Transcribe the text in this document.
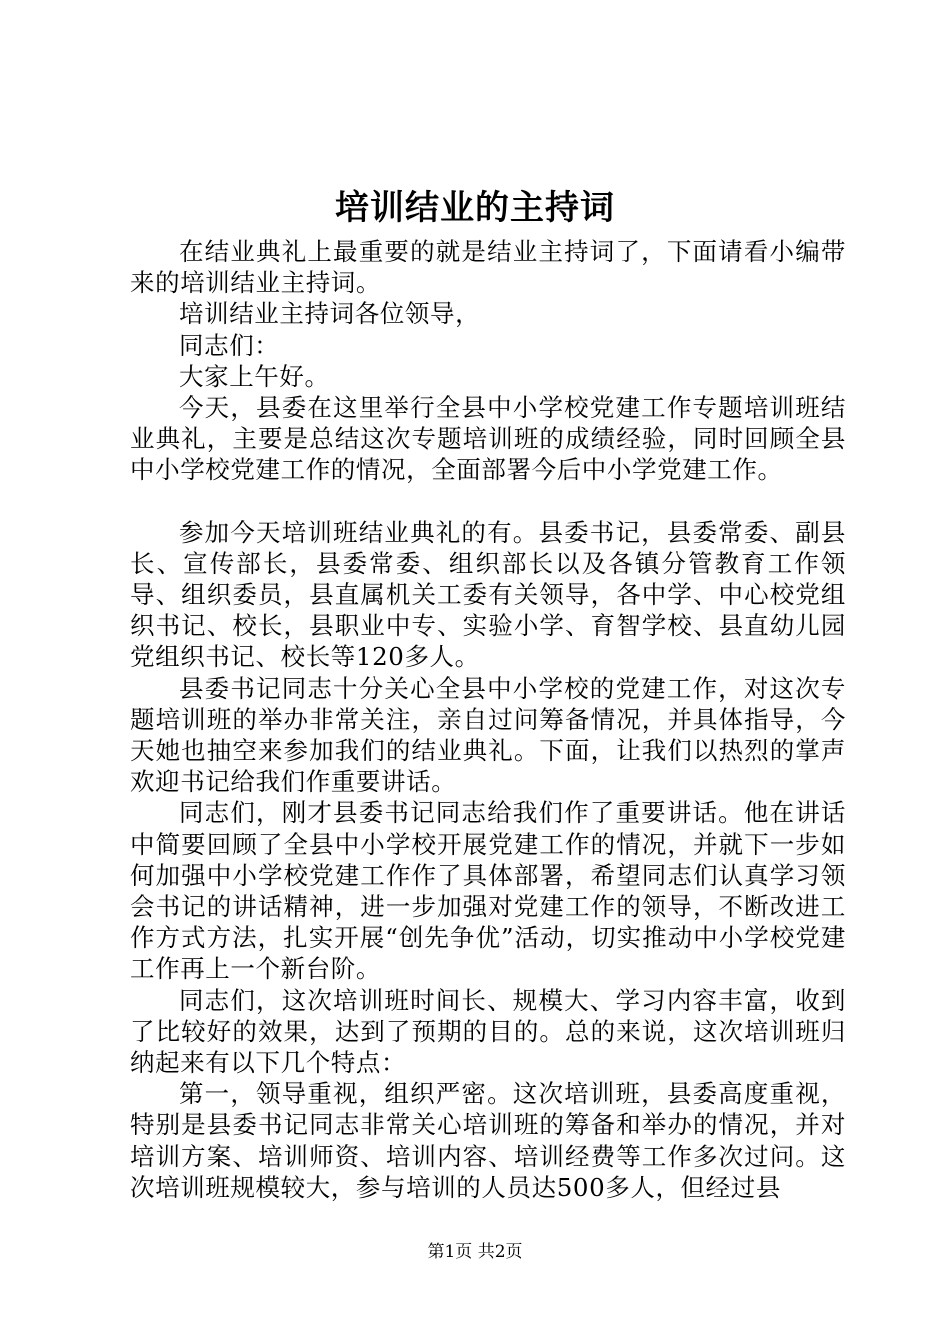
培训结业的主持词

在结业典礼上最重要的就是结业主持词了，下面请看小编带来的培训结业主持词。

培训结业主持词各位领导，

同志们：

大家上午好。

今天，县委在这里举行全县中小学校党建工作专题培训班结业典礼，主要是总结这次专题培训班的成绩经验，同时回顾全县中小学校党建工作的情况，全面部署今后中小学党建工作。

参加今天培训班结业典礼的有。县委书记，县委常委、副县长、宣传部长，县委常委、组织部长以及各镇分管教育工作领导、组织委员，县直属机关工委有关领导，各中学、中心校党组织书记、校长，县职业中专、实验小学、育智学校、县直幼儿园党组织书记、校长等120多人。

县委书记同志十分关心全县中小学校的党建工作，对这次专题培训班的举办非常关注，亲自过问筹备情况，并具体指导，今天她也抽空来参加我们的结业典礼。下面，让我们以热烈的掌声欢迎书记给我们作重要讲话。

同志们，刚才县委书记同志给我们作了重要讲话。他在讲话中简要回顾了全县中小学校开展党建工作的情况，并就下一步如何加强中小学校党建工作作了具体部署，希望同志们认真学习领会书记的讲话精神，进一步加强对党建工作的领导，不断改进工作方式方法，扎实开展“创先争优”活动，切实推动中小学校党建工作再上一个新台阶。

同志们，这次培训班时间长、规模大、学习内容丰富，收到了比较好的效果，达到了预期的目的。总的来说，这次培训班归纳起来有以下几个特点：

第一，领导重视，组织严密。这次培训班，县委高度重视，特别是县委书记同志非常关心培训班的筹备和举办的情况，并对培训方案、培训师资、培训内容、培训经费等工作多次过问。这次培训班规模较大，参与培训的人员达500多人，但经过县

第1页 共2页
